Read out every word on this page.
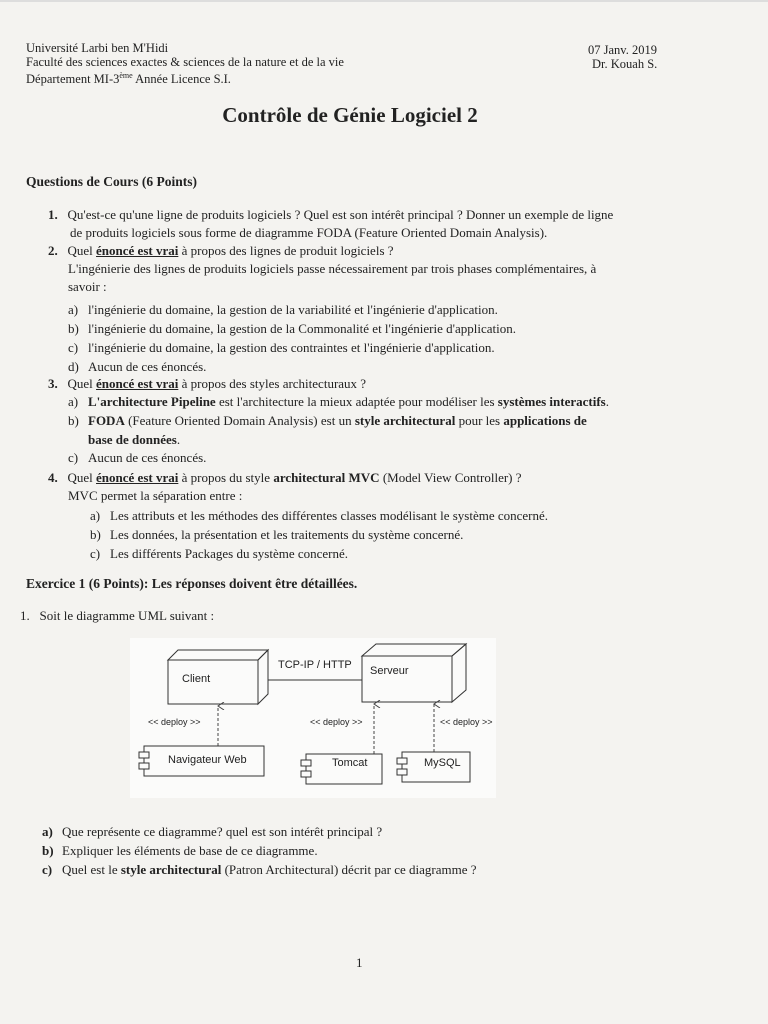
Université Larbi ben M'Hidi
Faculté des sciences exactes & sciences de la nature et de la vie
Département MI-3ème Année Licence S.I.
07 Janv. 2019
Dr. Kouah S.
Contrôle de Génie Logiciel 2
Questions de Cours (6 Points)
1. Qu'est-ce qu'une ligne de produits logiciels ? Quel est son intérêt principal ? Donner un exemple de ligne
de produits logiciels sous forme de diagramme FODA (Feature Oriented Domain Analysis).
2. Quel énoncé est vrai à propos des lignes de produit logiciels ?
L'ingénierie des lignes de produits logiciels passe nécessairement par trois phases complémentaires, à
savoir :
a) l'ingénierie du domaine, la gestion de la variabilité et l'ingénierie d'application.
b) l'ingénierie du domaine, la gestion de la Commonalité et l'ingénierie d'application.
c) l'ingénierie du domaine, la gestion des contraintes et l'ingénierie d'application.
d) Aucun de ces énoncés.
3. Quel énoncé est vrai à propos des styles architecturaux ?
a) L'architecture Pipeline est l'architecture la mieux adaptée pour modéliser les systèmes interactifs.
b) FODA (Feature Oriented Domain Analysis) est un style architectural pour les applications de
base de données.
c) Aucun de ces énoncés.
4. Quel énoncé est vrai à propos du style architectural MVC (Model View Controller) ?
MVC permet la séparation entre :
a) Les attributs et les méthodes des différentes classes modélisant le système concerné.
b) Les données, la présentation et les traitements du système concerné.
c) Les différents Packages du système concerné.
Exercice 1 (6 Points): Les réponses doivent être détaillées.
1. Soit le diagramme UML suivant :
Client
Serveur
TCP-IP / HTTP
<< deploy >>	<< deploy >>	<< deploy >>
Navigateur Web	Tomcat	MySQL
a) Que représente ce diagramme? quel est son intérêt principal ?
b) Expliquer les éléments de base de ce diagramme.
c) Quel est le style architectural (Patron Architectural) décrit par ce diagramme ?
1
